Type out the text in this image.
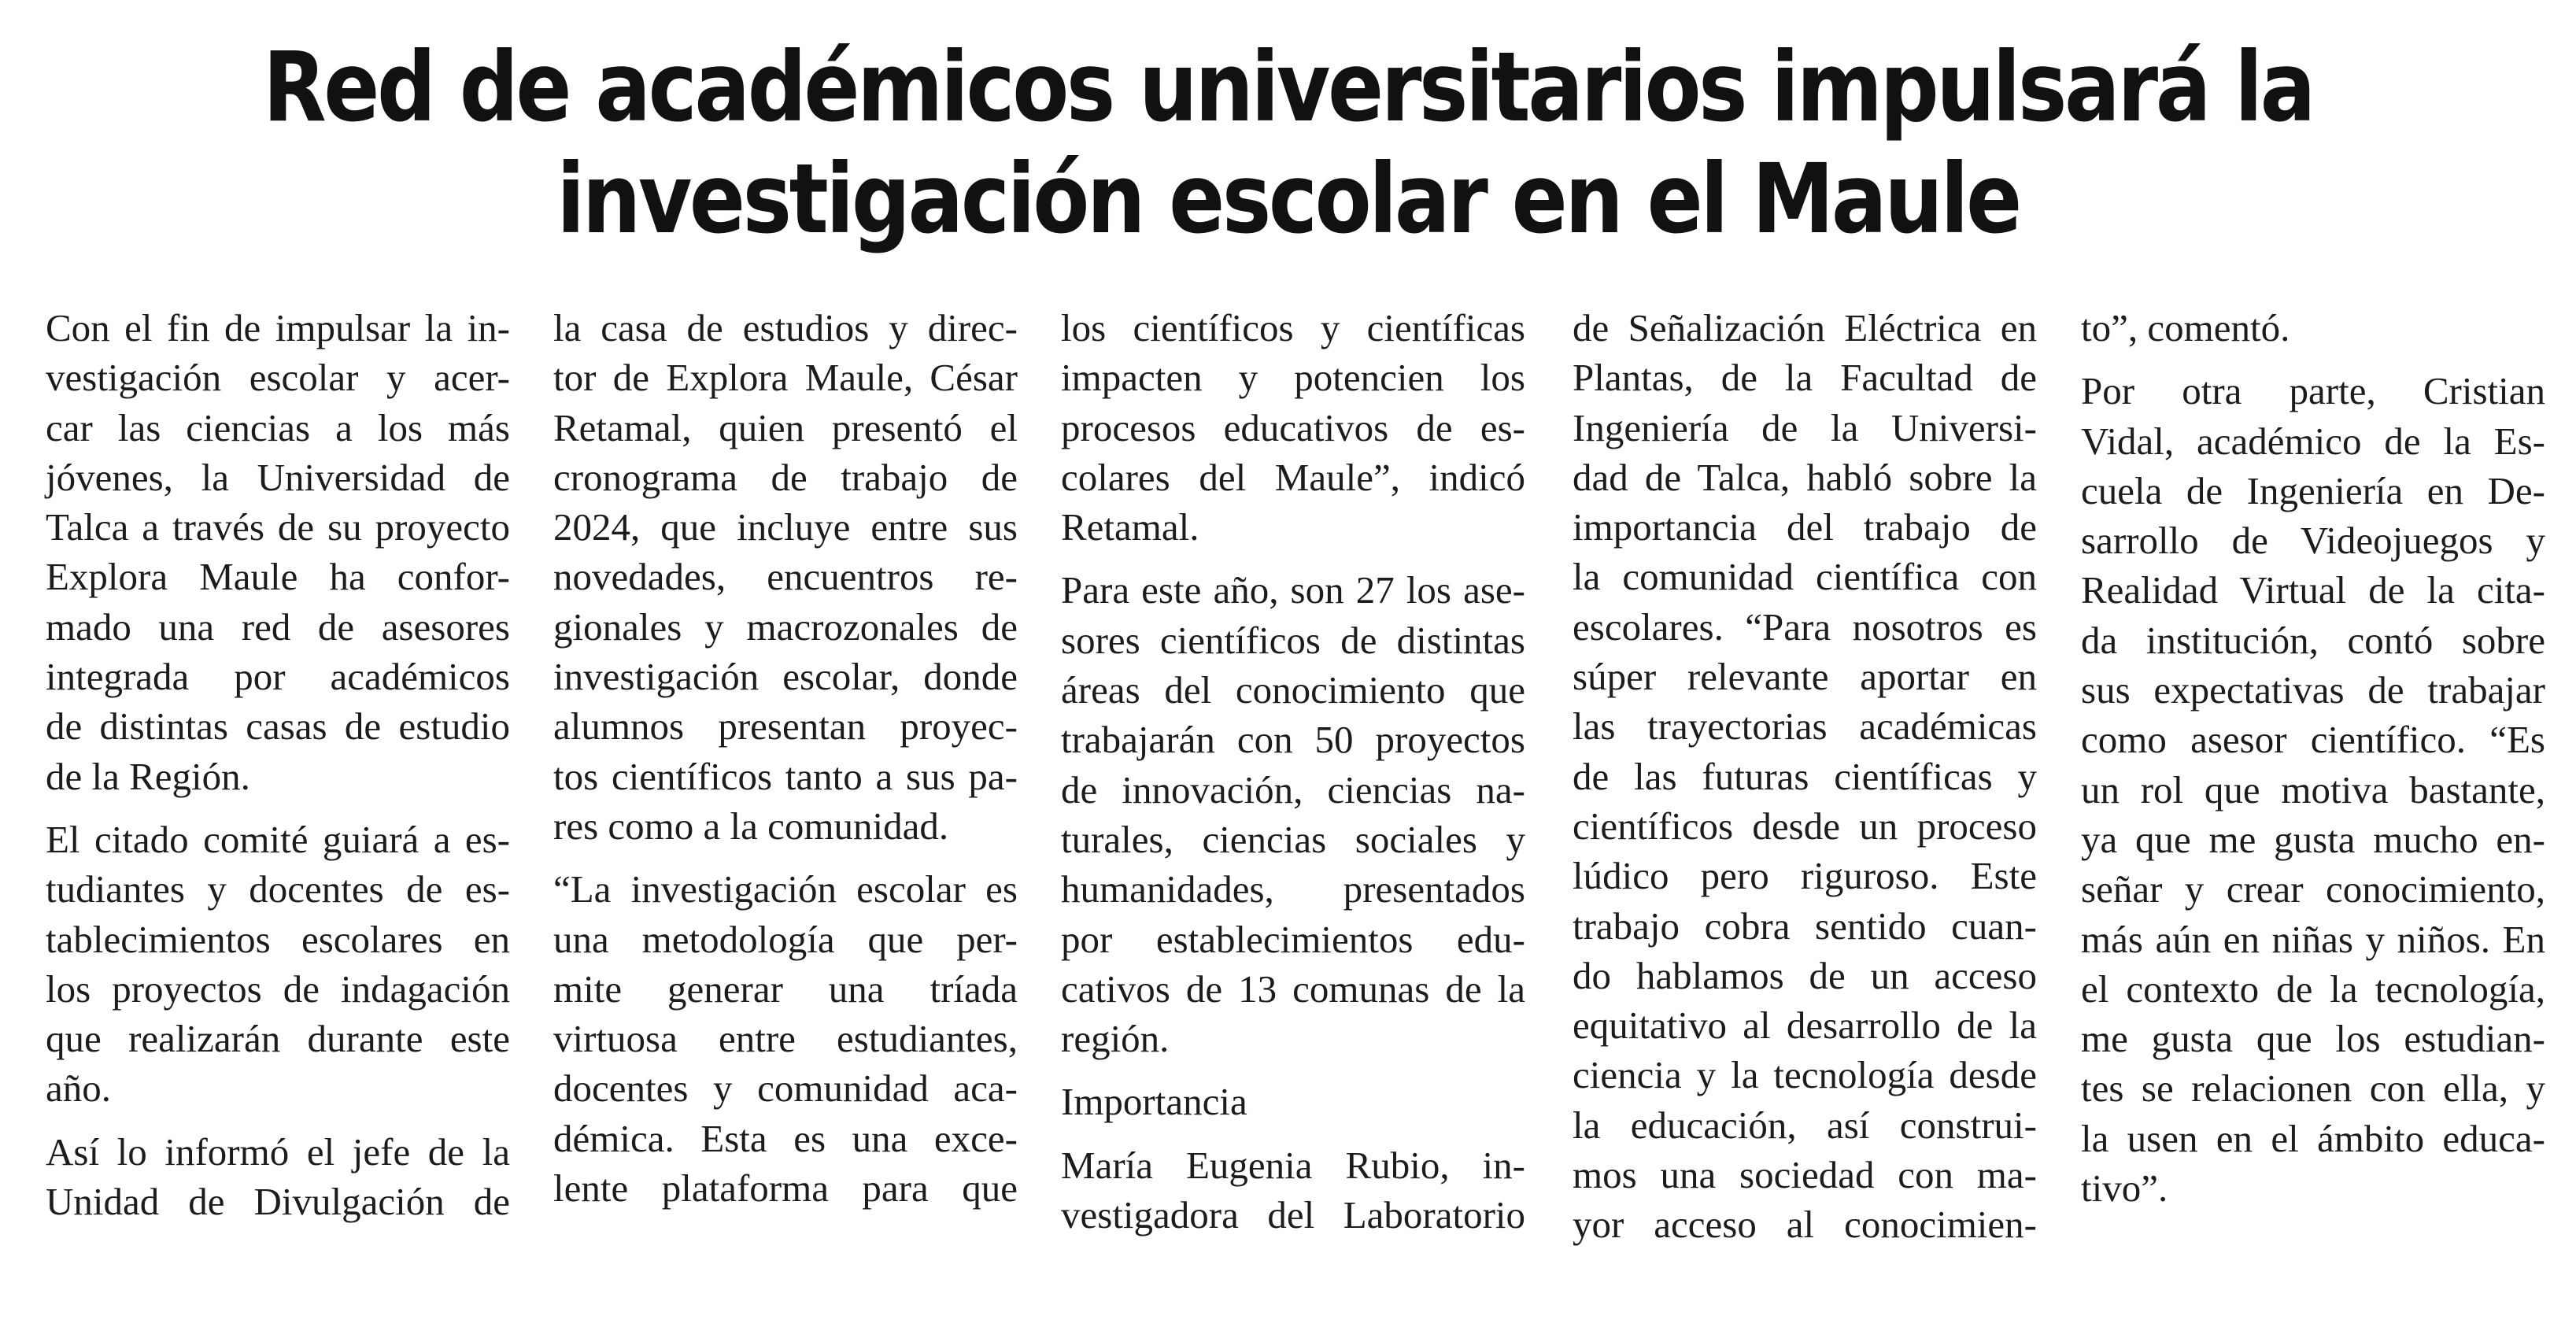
Red de académicos universitarios impulsará la
investigación escolar en el Maule

Con el fin de impulsar la in-
vestigación escolar y acer-
car las ciencias a los más
jóvenes, la Universidad de
Talca a través de su proyecto
Explora Maule ha confor-
mado una red de asesores
integrada por académicos
de distintas casas de estudio
de la Región.

El citado comité guiará a es-
tudiantes y docentes de es-
tablecimientos escolares en
los proyectos de indagación
que realizarán durante este
año.

Así lo informó el jefe de la
Unidad de Divulgación de

la casa de estudios y direc-
tor de Explora Maule, César
Retamal, quien presentó el
cronograma de trabajo de
2024, que incluye entre sus
novedades, encuentros re-
gionales y macrozonales de
investigación escolar, donde
alumnos presentan proyec-
tos científicos tanto a sus pa-
res como a la comunidad.

“La investigación escolar es
una metodología que per-
mite generar una tríada
virtuosa entre estudiantes,
docentes y comunidad aca-
démica. Esta es una exce-
lente plataforma para que

los científicos y científicas
impacten y potencien los
procesos educativos de es-
colares del Maule”, indicó
Retamal.

Para este año, son 27 los ase-
sores científicos de distintas
áreas del conocimiento que
trabajarán con 50 proyectos
de innovación, ciencias na-
turales, ciencias sociales y
humanidades, presentados
por establecimientos edu-
cativos de 13 comunas de la
región.

Importancia

María Eugenia Rubio, in-
vestigadora del Laboratorio

de Señalización Eléctrica en
Plantas, de la Facultad de
Ingeniería de la Universi-
dad de Talca, habló sobre la
importancia del trabajo de
la comunidad científica con
escolares. “Para nosotros es
súper relevante aportar en
las trayectorias académicas
de las futuras científicas y
científicos desde un proceso
lúdico pero riguroso. Este
trabajo cobra sentido cuan-
do hablamos de un acceso
equitativo al desarrollo de la
ciencia y la tecnología desde
la educación, así construi-
mos una sociedad con ma-
yor acceso al conocimien-

to”, comentó.

Por otra parte, Cristian
Vidal, académico de la Es-
cuela de Ingeniería en De-
sarrollo de Videojuegos y
Realidad Virtual de la cita-
da institución, contó sobre
sus expectativas de trabajar
como asesor científico. “Es
un rol que motiva bastante,
ya que me gusta mucho en-
señar y crear conocimiento,
más aún en niñas y niños. En
el contexto de la tecnología,
me gusta que los estudian-
tes se relacionen con ella, y
la usen en el ámbito educa-
tivo”.
